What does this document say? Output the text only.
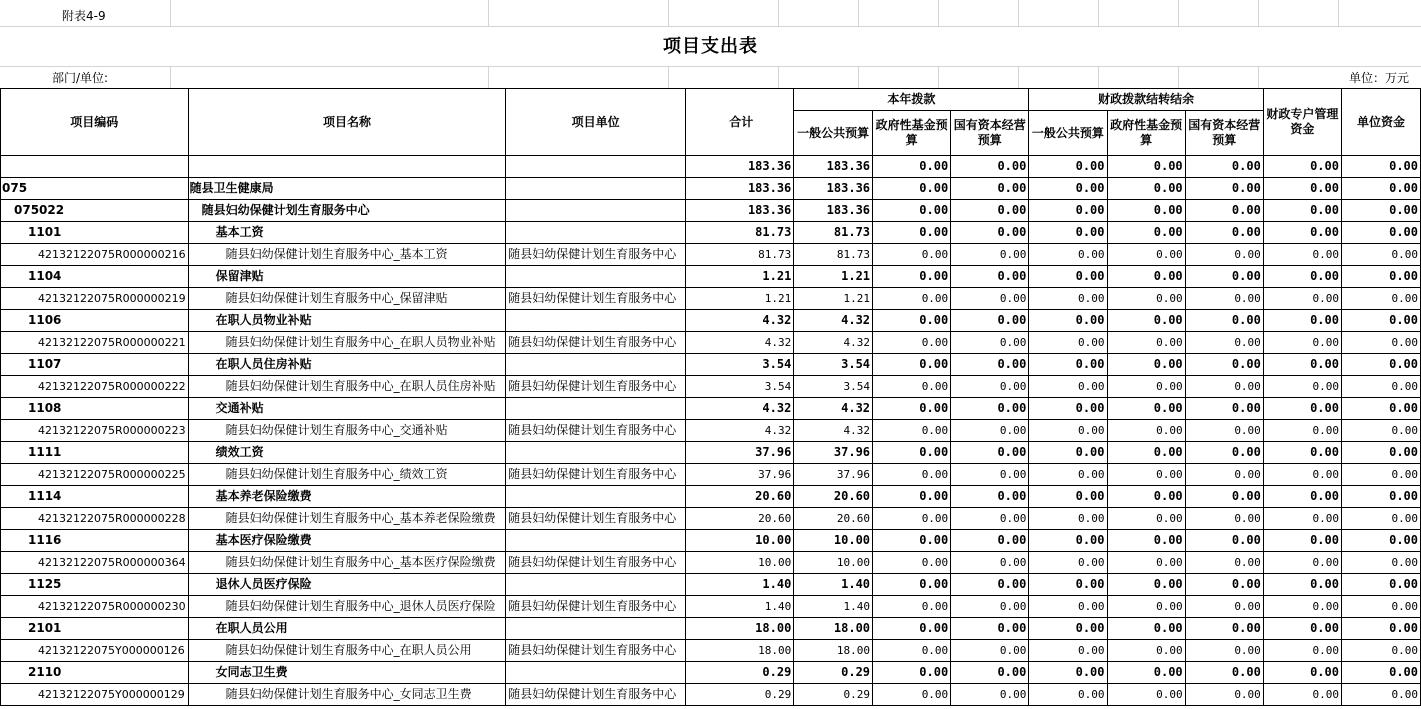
附表4-9
项目支出表
部门/单位:	单位：万元
项目编码	项目名称	项目单位	合计	本年拨款			财政拨款结转结余			财政专户管理资金	单位资金
				一般公共预算	政府性基金预算	国有资本经营预算	一般公共预算	政府性基金预算	国有资本经营预算		
			183.36	183.36	0.00	0.00	0.00	0.00	0.00	0.00	0.00
075	随县卫生健康局		183.36	183.36	0.00	0.00	0.00	0.00	0.00	0.00	0.00
075022	随县妇幼保健计划生育服务中心		183.36	183.36	0.00	0.00	0.00	0.00	0.00	0.00	0.00
1101	基本工资		81.73	81.73	0.00	0.00	0.00	0.00	0.00	0.00	0.00
42132122075R000000216	随县妇幼保健计划生育服务中心_基本工资	随县妇幼保健计划生育服务中心	81.73	81.73	0.00	0.00	0.00	0.00	0.00	0.00	0.00
1104	保留津贴		1.21	1.21	0.00	0.00	0.00	0.00	0.00	0.00	0.00
42132122075R000000219	随县妇幼保健计划生育服务中心_保留津贴	随县妇幼保健计划生育服务中心	1.21	1.21	0.00	0.00	0.00	0.00	0.00	0.00	0.00
1106	在职人员物业补贴		4.32	4.32	0.00	0.00	0.00	0.00	0.00	0.00	0.00
42132122075R000000221	随县妇幼保健计划生育服务中心_在职人员物业补贴	随县妇幼保健计划生育服务中心	4.32	4.32	0.00	0.00	0.00	0.00	0.00	0.00	0.00
1107	在职人员住房补贴		3.54	3.54	0.00	0.00	0.00	0.00	0.00	0.00	0.00
42132122075R000000222	随县妇幼保健计划生育服务中心_在职人员住房补贴	随县妇幼保健计划生育服务中心	3.54	3.54	0.00	0.00	0.00	0.00	0.00	0.00	0.00
1108	交通补贴		4.32	4.32	0.00	0.00	0.00	0.00	0.00	0.00	0.00
42132122075R000000223	随县妇幼保健计划生育服务中心_交通补贴	随县妇幼保健计划生育服务中心	4.32	4.32	0.00	0.00	0.00	0.00	0.00	0.00	0.00
1111	绩效工资		37.96	37.96	0.00	0.00	0.00	0.00	0.00	0.00	0.00
42132122075R000000225	随县妇幼保健计划生育服务中心_绩效工资	随县妇幼保健计划生育服务中心	37.96	37.96	0.00	0.00	0.00	0.00	0.00	0.00	0.00
1114	基本养老保险缴费		20.60	20.60	0.00	0.00	0.00	0.00	0.00	0.00	0.00
42132122075R000000228	随县妇幼保健计划生育服务中心_基本养老保险缴费	随县妇幼保健计划生育服务中心	20.60	20.60	0.00	0.00	0.00	0.00	0.00	0.00	0.00
1116	基本医疗保险缴费		10.00	10.00	0.00	0.00	0.00	0.00	0.00	0.00	0.00
42132122075R000000364	随县妇幼保健计划生育服务中心_基本医疗保险缴费	随县妇幼保健计划生育服务中心	10.00	10.00	0.00	0.00	0.00	0.00	0.00	0.00	0.00
1125	退休人员医疗保险		1.40	1.40	0.00	0.00	0.00	0.00	0.00	0.00	0.00
42132122075R000000230	随县妇幼保健计划生育服务中心_退休人员医疗保险	随县妇幼保健计划生育服务中心	1.40	1.40	0.00	0.00	0.00	0.00	0.00	0.00	0.00
2101	在职人员公用		18.00	18.00	0.00	0.00	0.00	0.00	0.00	0.00	0.00
42132122075Y000000126	随县妇幼保健计划生育服务中心_在职人员公用	随县妇幼保健计划生育服务中心	18.00	18.00	0.00	0.00	0.00	0.00	0.00	0.00	0.00
2110	女同志卫生费		0.29	0.29	0.00	0.00	0.00	0.00	0.00	0.00	0.00
42132122075Y000000129	随县妇幼保健计划生育服务中心_女同志卫生费	随县妇幼保健计划生育服务中心	0.29	0.29	0.00	0.00	0.00	0.00	0.00	0.00	0.00
